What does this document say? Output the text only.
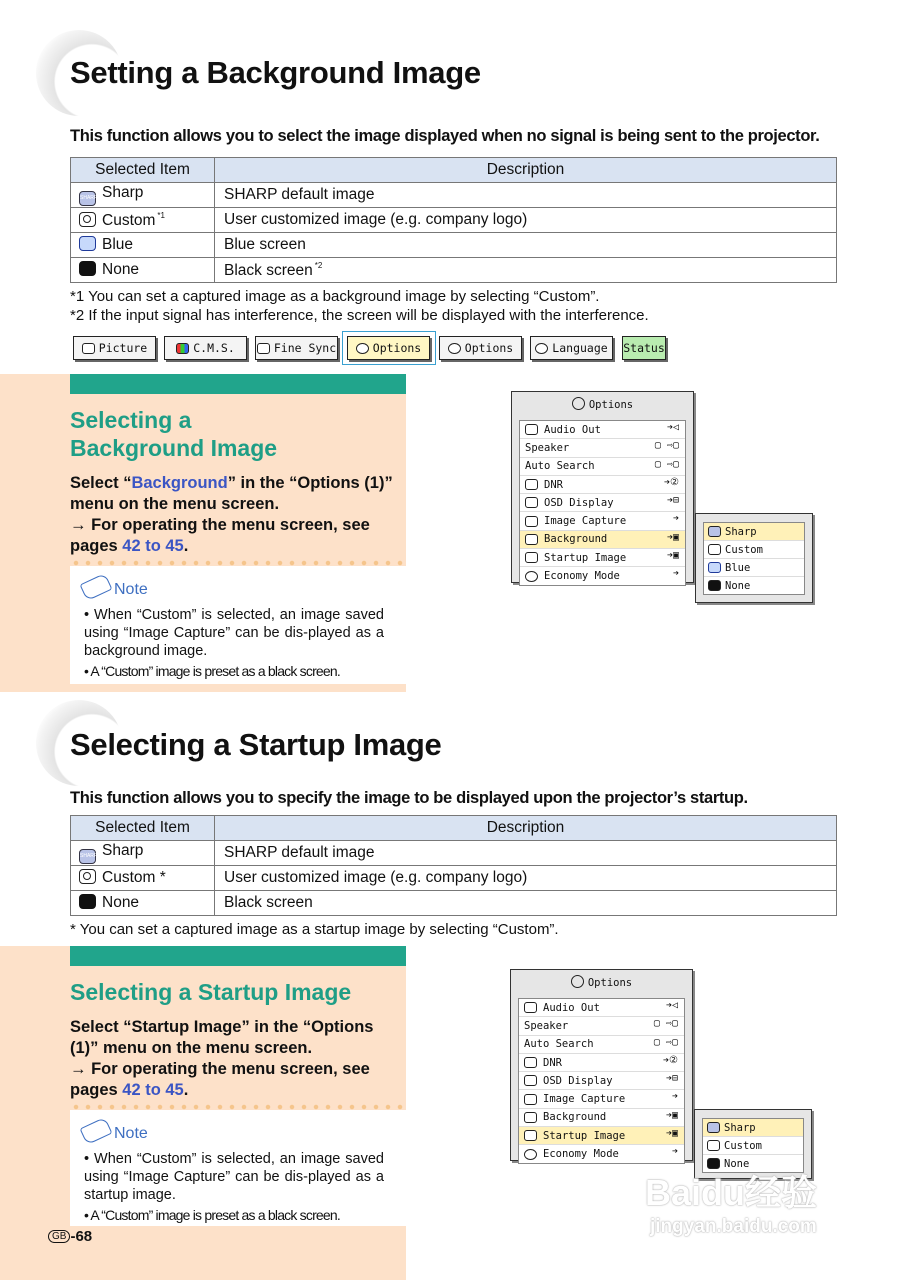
Setting a Background Image
This function allows you to select the image displayed when no signal is being sent to the projector.
Selected Item	Description
SHARP Sharp	SHARP default image
Custom $^{*1}$	User customized image (e.g. company logo)
Blue	Blue screen
None	Black screen $^{*2}$
*1 You can set a captured image as a background image by selecting “Custom”.
*2 If the input signal has interference, the screen will be displayed with the interference.
Picture	C.M.S.	Fine Sync	Options	Options	Language Status
Selecting a
Background Image
Select “Background” in the “Options (1)” menu on the menu screen.
→ For operating the menu screen, see pages 42 to 45.
Note
• When “Custom” is selected, an image saved using “Image Capture” can be dis-played as a background image.
• A “Custom” image is preset as a black screen.
Options
Audio Out	➔◁
Speaker	▢ ⇨▢
Auto Search	▢ ⇨▢
DNR	➔②
OSD Display	➔⊟
Image Capture	➔
Background	➔▣
Startup Image	➔▣
Economy Mode	➔
Sharp
Custom
Blue
None
Selecting a Startup Image
This function allows you to specify the image to be displayed upon the projector’s startup.
Selected Item	Description
SHARP Sharp	SHARP default image
Custom *	User customized image (e.g. company logo)
None	Black screen
* You can set a captured image as a startup image by selecting “Custom”.
Selecting a Startup Image
Select “Startup Image” in the “Options (1)” menu on the menu screen.
→ For operating the menu screen, see pages 42 to 45.
Note
• When “Custom” is selected, an image saved using “Image Capture” can be dis-played as a startup image.
• A “Custom” image is preset as a black screen.
Options
Audio Out	➔◁
Speaker	▢ ⇨▢
Auto Search	▢ ⇨▢
DNR	➔②
OSD Display	➔⊟
Image Capture	➔
Background	➔▣
Startup Image	➔▣
Economy Mode	➔
Sharp
Custom
None
GB -68
Baidu经验
jingyan.baidu.com
